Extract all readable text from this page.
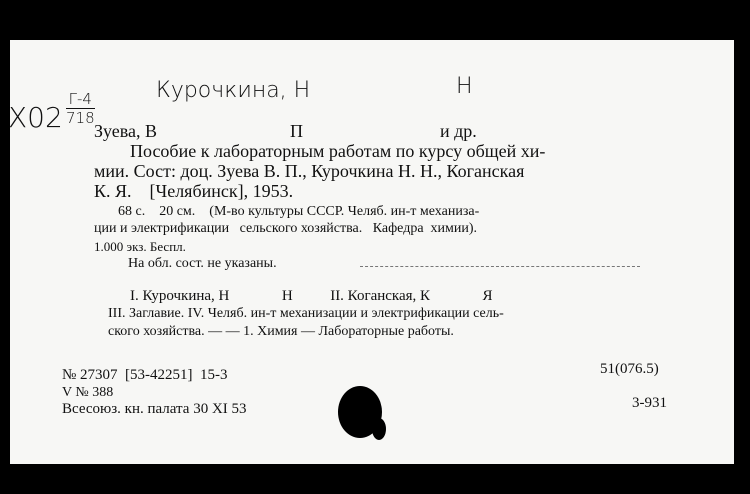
Х02
Г-4
718
Курочкина, Н	Н
Зуева, В	П	и др.
Пособие к лабораторным работам по курсу общей хи-
мии. Сост: доц. Зуева В. П., Курочкина Н. Н., Коганская
К. Я.    [Челябинск], 1953.
68 с.    20 см.    (М-во культуры СССР. Челяб. ин-т механиза-
ции и электрификации   сельского хозяйства.   Кафедра  химии).
1.000 экз. Беспл.
На обл. сост. не указаны.
I. Курочкина, Н              Н          II. Коганская, К              Я
III. Заглавие. IV. Челяб. ин-т механизации и электрификации сель-
ского хозяйства. — — 1. Химия — Лабораторные работы.
№ 27307  [53-42251]  15-3
V № 388
Всесоюз. кн. палата 30 XI 53
51(076.5)
3-931
